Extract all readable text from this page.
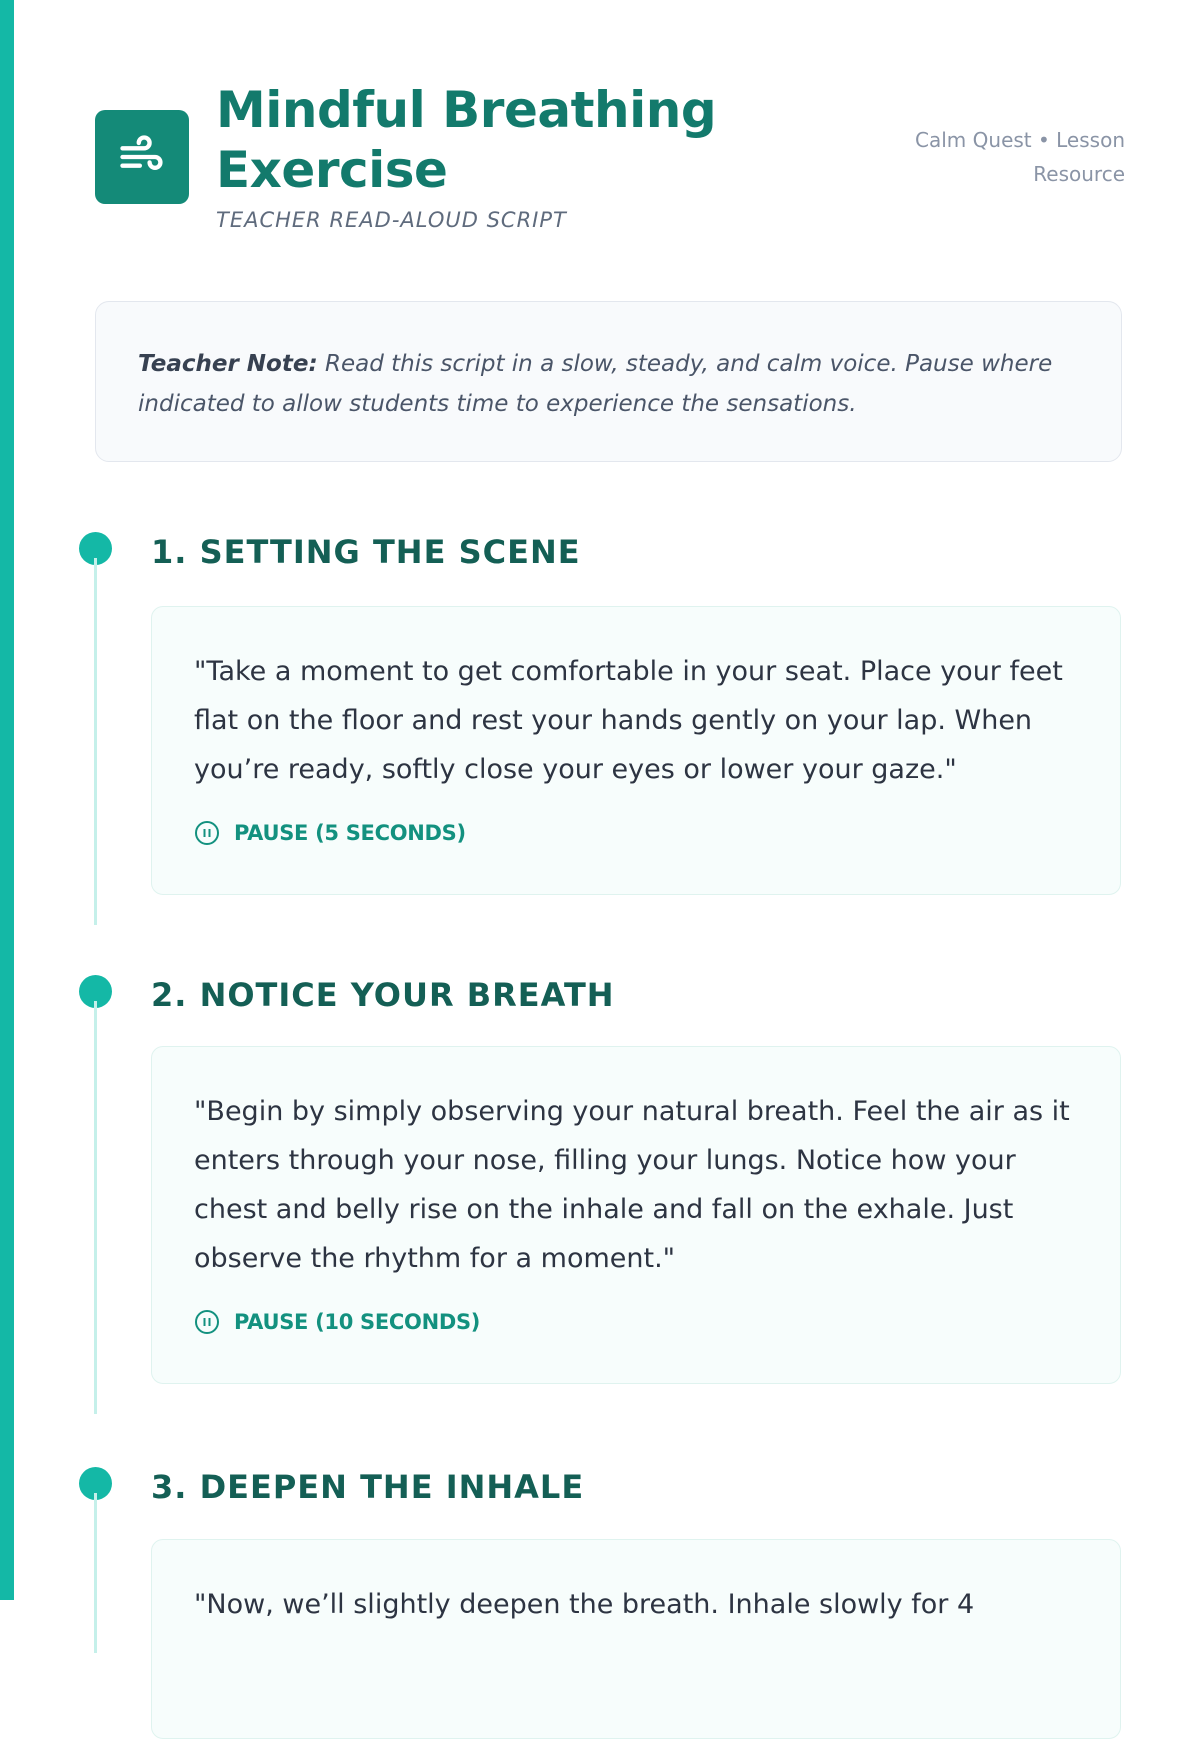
Mindful Breathing Exercise
TEACHER READ-ALOUD SCRIPT
Calm Quest • Lesson Resource
Teacher Note: Read this script in a slow, steady, and calm voice. Pause where indicated to allow students time to experience the sensations.
1. SETTING THE SCENE

"Take a moment to get comfortable in your seat. Place your feet flat on the floor and rest your hands gently on your lap. When you’re ready, softly close your eyes or lower your gaze."

PAUSE (5 SECONDS)
2. NOTICE YOUR BREATH

"Begin by simply observing your natural breath. Feel the air as it enters through your nose, filling your lungs. Notice how your chest and belly rise on the inhale and fall on the exhale. Just observe the rhythm for a moment."

PAUSE (10 SECONDS)
3. DEEPEN THE INHALE

"Now, we’ll slightly deepen the breath. Inhale slowly for 4
